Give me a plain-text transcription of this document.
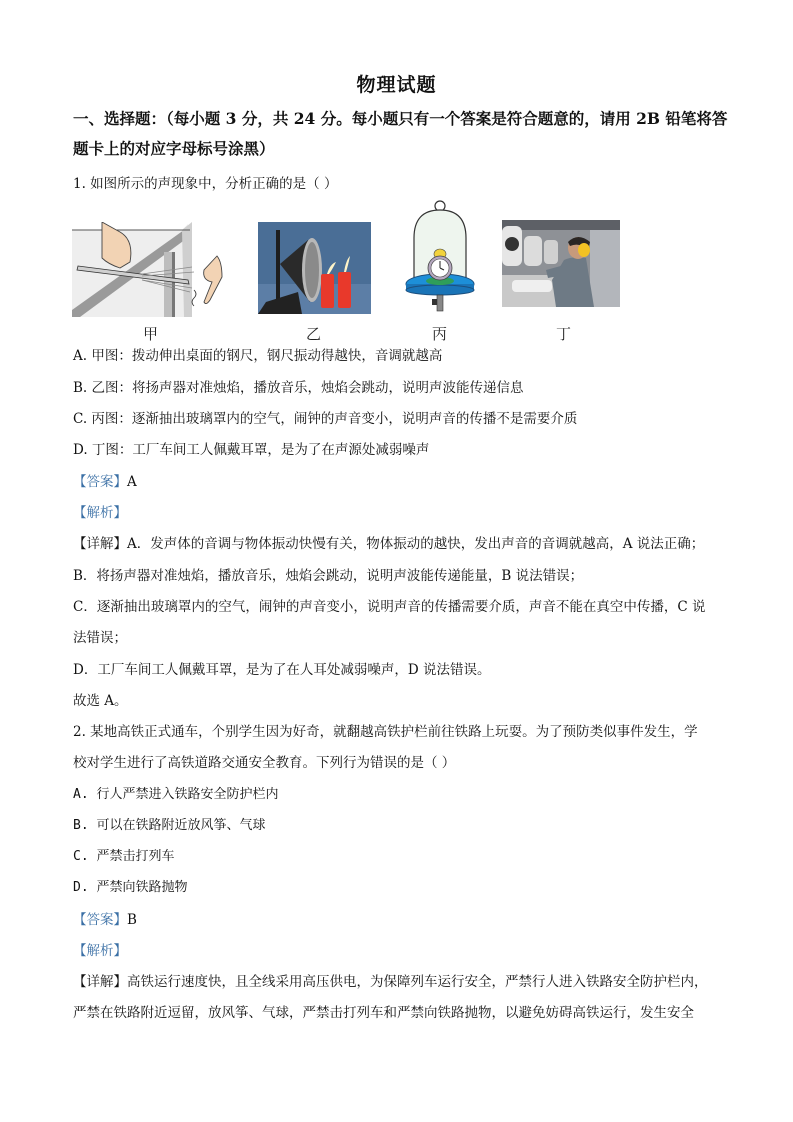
物理试题
一、选择题：（每小题 3 分，共 24 分。每小题只有一个答案是符合题意的，请用 2B 铅笔将答
题卡上的对应字母标号涂黑）
1. 如图所示的声现象中，分析正确的是（ ）
甲	乙	丙	丁
A. 甲图：拨动伸出桌面的钢尺，钢尺振动得越快，音调就越高
B. 乙图：将扬声器对准烛焰，播放音乐，烛焰会跳动，说明声波能传递信息
C. 丙图：逐渐抽出玻璃罩内的空气，闹钟的声音变小，说明声音的传播不是需要介质
D. 丁图：工厂车间工人佩戴耳罩，是为了在声源处减弱噪声
【答案】A
【解析】
【详解】A．发声体的音调与物体振动快慢有关，物体振动的越快，发出声音的音调就越高，A 说法正确；
B．将扬声器对准烛焰，播放音乐，烛焰会跳动，说明声波能传递能量，B 说法错误；
C．逐渐抽出玻璃罩内的空气，闹钟的声音变小，说明声音的传播需要介质，声音不能在真空中传播，C 说
法错误；
D．工厂车间工人佩戴耳罩，是为了在人耳处减弱噪声，D 说法错误。
故选 A。
2. 某地高铁正式通车，个别学生因为好奇，就翻越高铁护栏前往铁路上玩耍。为了预防类似事件发生，学
校对学生进行了高铁道路交通安全教育。下列行为错误的是（ ）
A. 行人严禁进入铁路安全防护栏内
B. 可以在铁路附近放风筝、气球
C. 严禁击打列车
D. 严禁向铁路抛物
【答案】B
【解析】
【详解】高铁运行速度快，且全线采用高压供电，为保障列车运行安全，严禁行人进入铁路安全防护栏内，
严禁在铁路附近逗留，放风筝、气球，严禁击打列车和严禁向铁路抛物，以避免妨碍高铁运行，发生安全
